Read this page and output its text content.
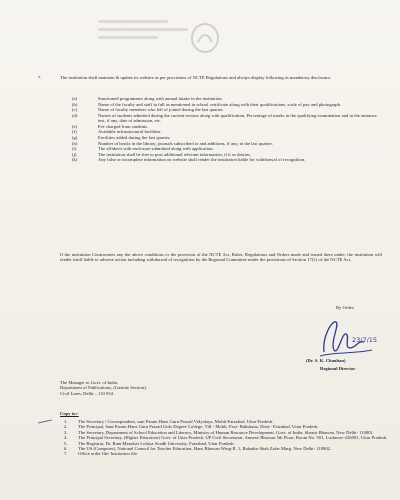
7.	The institution shall maintain & update its website as per provisions of NCTE Regulations and always display following as mandatory disclosure;
(a)	Sanctioned programmes along with annual intake in the institution.
(b)	Name of the faculty and staff in full as mentioned in school certificate along with their qualifications, scale of pay and photograph.
(c)	Name of faculty members who left of joined during the last quarter.
(d)	Names of students admitted during the current session along with qualification, Percentage of marks in the qualifying examination and in the entrance test, if any, date of admission, etc.
(e)	Fee charged from students.
(f)	Available infrastructural facilities.
(g)	Facilities added during the last quarter.
(h)	Number of books in the library, journals subscribed to and additions, if any, in the last quarter.
(i)	The affidavit with enclosure submitted along with application.
(j)	The institution shall be free to post additional relevant information, if it so desires.
(k)	Any false or incomplete information on website shall render the institution liable for withdrawal of recognition.
If the institution Contravenes any the above conditions or the provision of the NCTE Act, Rules, Regulations and Orders made and issued there under, the institution will render itself liable to adverse action including withdrawal of recognition by the Regional Committee under the provisions of Section 17(1) of the NCTE Act.
By Order,
23/7/15
(Dr. S. K. Chauhan)
Regional Director
The Manager to Govt. of India,
Department of Publications, (Gazette Section),
Civil Lines, Delhi – 110 054
Copy to:-
1.	The Secretary / Correspondent, sant Param Hans Guru Prasad Vidyalaya, Mobli-Faizabad, Uttar Pradesh.
2.	The Principal, Sant Param Hans Guru Prasad Girls Degree College, Vill.- Mobli, Post- Bakshana, Distt.- Faizabad, Uttar Pradesh.
3.	The Secretary, Department of School Education and Literacy, Ministry of Human Resource Development, Govt. of India, Shastri Bhawan, New Delhi- 110001.
4.	The Principal Secretary, (Higher Education) Govt. of Uttar Pradesh, UP Civil Secretariat, Annexe Bhawan 5th Floor, Room No. 501, Lucknow-226001, Uttar Pradesh.
5.	The Registrar, Dr. Ram Manohar Lohiya Avadh University, Faizabad, Uttar Pradesh.
6.	The US (Computer), National Council for Teacher Education, Hans Bhawan Wing-II, 1, Bahadur Shah Zafar Marg, New Delhi- 110002.
7.	Office order file/ Institution file.
